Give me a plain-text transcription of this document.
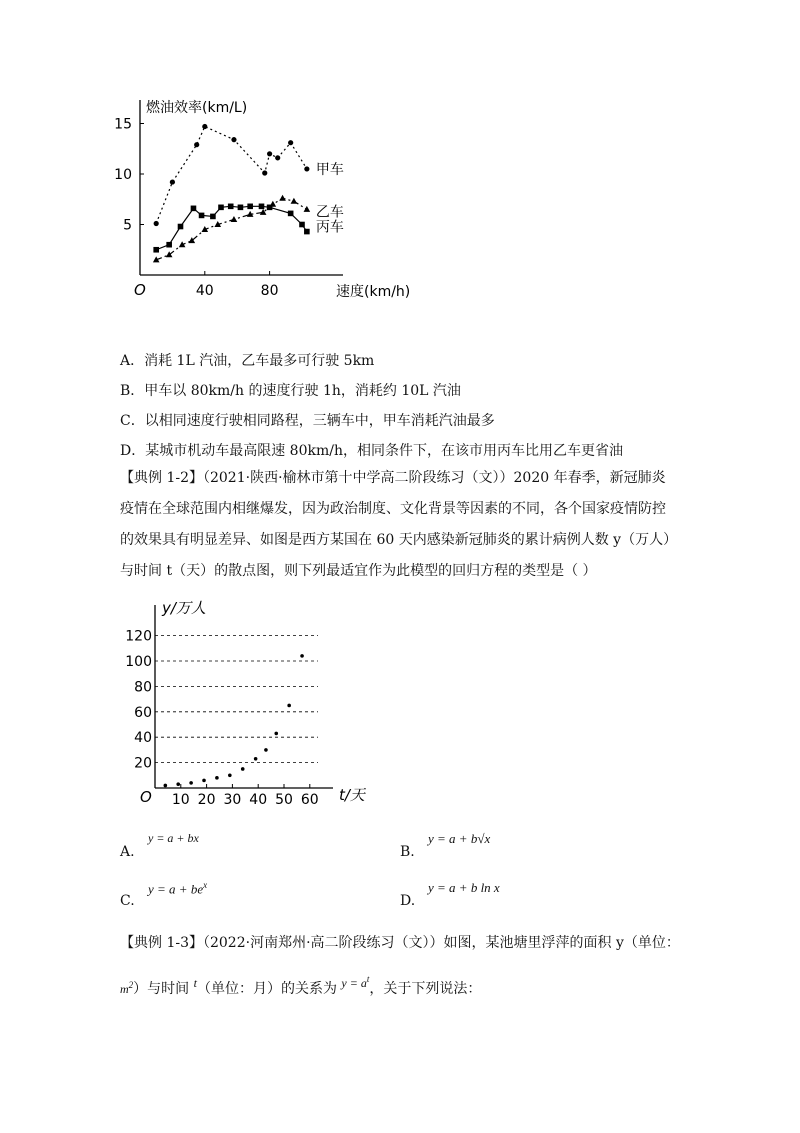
燃油效率(km/L)
速度(km/h)
O
5
10
15
40	80
甲车
乙车
丙车
A．消耗 1L 汽油，乙车最多可行驶 5km
B．甲车以 80km/h 的速度行驶 1h，消耗约 10L 汽油
C．以相同速度行驶相同路程，三辆车中，甲车消耗汽油最多
D．某城市机动车最高限速 80km/h，相同条件下，在该市用丙车比用乙车更省油
【典例 1-2】（2021·陕西·榆林市第十中学高二阶段练习（文））2020 年春季，新冠肺炎
疫情在全球范围内相继爆发，因为政治制度、文化背景等因素的不同，各个国家疫情防控
的效果具有明显差异、如图是西方某国在 60 天内感染新冠肺炎的累计病例人数 y（万人）
与时间 t（天）的散点图，则下列最适宜作为此模型的回归方程的类型是（ ）
20
40
60
80
100
120
10 20 30 40 50 60
y/万人
t/天
O
A.
y = a + bx
B.
y = a + b√x
C.
$y = a + be^x$
D.
y = a + b ln x
【典例 1-3】（2022·河南郑州·高二阶段练习（文））如图，某池塘里浮萍的面积 y（单位：
$m^2$）与时间 t（单位：月）的关系为 $y = a^t$，关于下列说法：
